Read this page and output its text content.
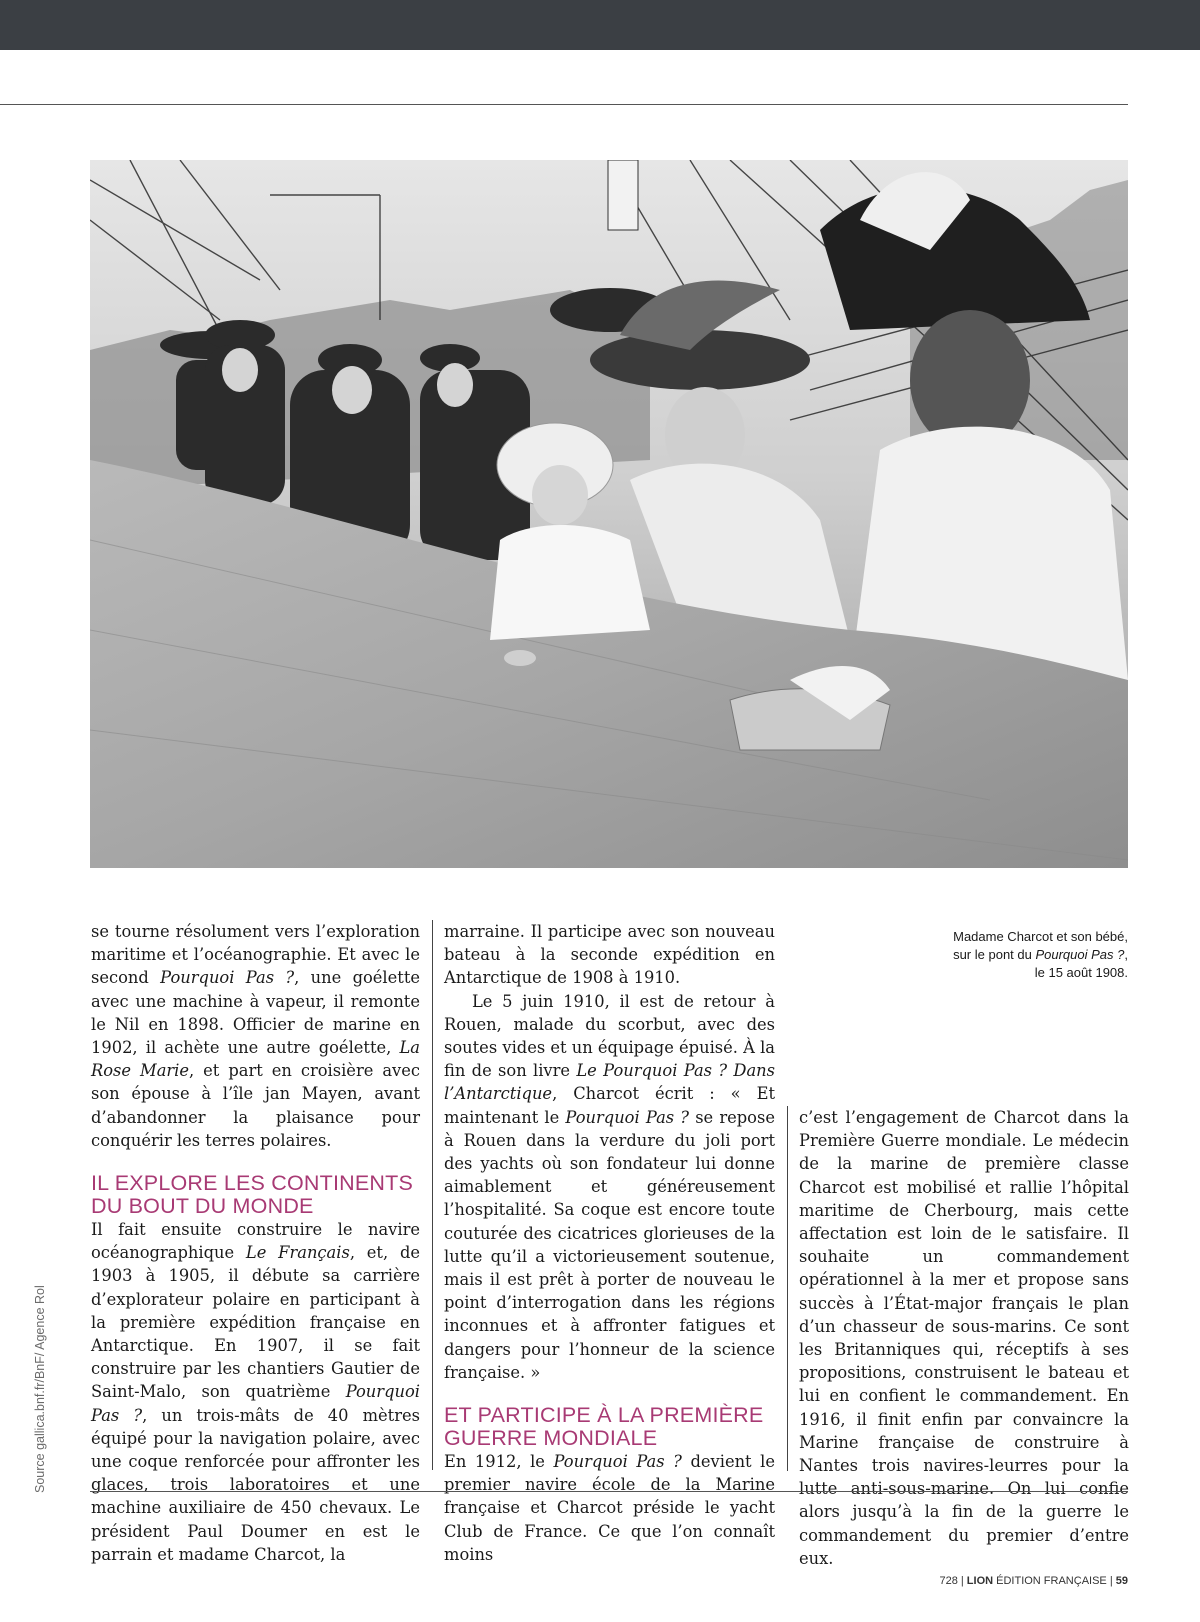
se tourne résolument vers l’exploration maritime et l’océanographie. Et avec le second Pourquoi Pas ?, une goélette avec une machine à vapeur, il remonte le Nil en 1898. Officier de marine en 1902, il achète une autre goélette, La Rose Marie, et part en croisière avec son épouse à l’île jan Mayen, avant d’abandonner la plaisance pour conquérir les terres polaires.

IL EXPLORE LES CONTINENTS DU BOUT DU MONDE

Il fait ensuite construire le navire océanographique Le Français, et, de 1903 à 1905, il débute sa carrière d’explorateur polaire en participant à la première expédition française en Antarctique. En 1907, il se fait construire par les chantiers Gautier de Saint-Malo, son quatrième Pourquoi Pas ?, un trois-mâts de 40 mètres équipé pour la navigation polaire, avec une coque renforcée pour affronter les glaces, trois laboratoires et une machine auxiliaire de 450 chevaux. Le président Paul Doumer en est le parrain et madame Charcot, la

marraine. Il participe avec son nouveau bateau à la seconde expédition en Antarctique de 1908 à 1910.

Le 5 juin 1910, il est de retour à Rouen, malade du scorbut, avec des soutes vides et un équipage épuisé. À la fin de son livre Le Pourquoi Pas ? Dans l’Antarctique, Charcot écrit : « Et maintenant le Pourquoi Pas ? se repose à Rouen dans la verdure du joli port des yachts où son fondateur lui donne aimablement et généreusement l’hospitalité. Sa coque est encore toute couturée des cicatrices glorieuses de la lutte qu’il a victorieusement soutenue, mais il est prêt à porter de nouveau le point d’interrogation dans les régions inconnues et à affronter fatigues et dangers pour l’honneur de la science française. »

ET PARTICIPE À LA PREMIÈRE GUERRE MONDIALE

En 1912, le Pourquoi Pas ? devient le premier navire école de la Marine française et Charcot préside le yacht Club de France. Ce que l’on connaît moins

c’est l’engagement de Charcot dans la Première Guerre mondiale. Le médecin de la marine de première classe Charcot est mobilisé et rallie l’hôpital maritime de Cherbourg, mais cette affectation est loin de le satisfaire. Il souhaite un commandement opérationnel à la mer et propose sans succès à l’État-major français le plan d’un chasseur de sous-marins. Ce sont les Britanniques qui, réceptifs à ses propositions, construisent le bateau et lui en confient le commandement. En 1916, il finit enfin par convaincre la Marine française de construire à Nantes trois navires-leurres pour la lutte anti-sous-marine. On lui confie alors jusqu’à la fin de la guerre le commandement du premier d’entre eux.

Madame Charcot et son bébé,
sur le pont du Pourquoi Pas ?,
le 15 août 1908.
Source gallica.bnf.fr/BnF/ Agence Rol
728 | LION ÉDITION FRANÇAISE | 59
